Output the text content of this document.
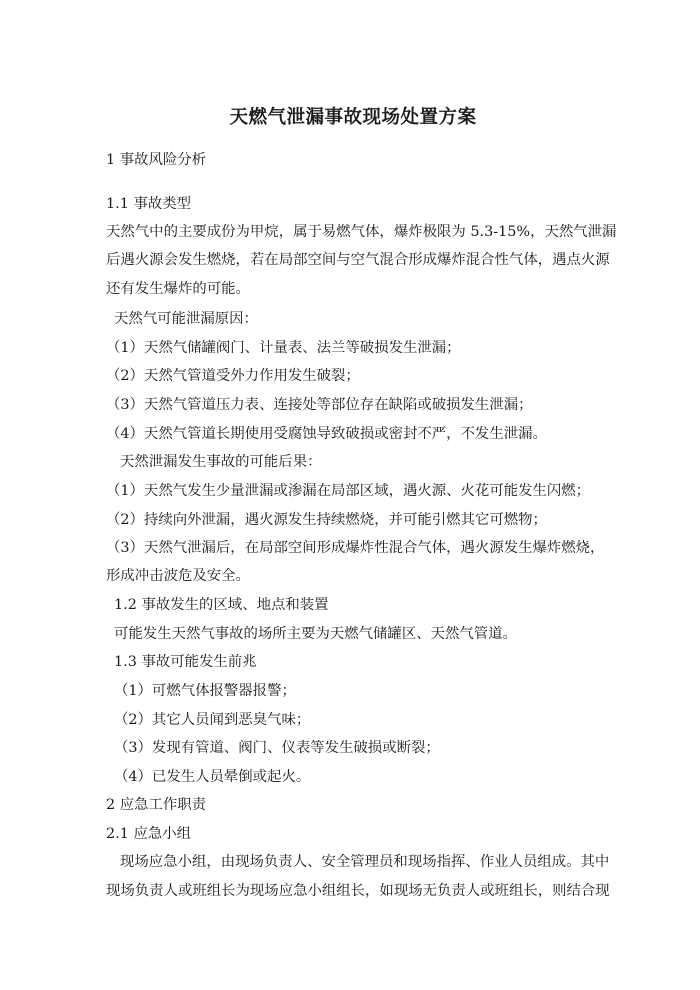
天燃气泄漏事故现场处置方案

1 事故风险分析

1.1 事故类型

天然气中的主要成份为甲烷，属于易燃气体，爆炸极限为 5.3-15%，天然气泄漏

后遇火源会发生燃烧，若在局部空间与空气混合形成爆炸混合性气体，遇点火源

还有发生爆炸的可能。

天然气可能泄漏原因：

（1）天然气储罐阀门、计量表、法兰等破损发生泄漏；

（2）天然气管道受外力作用发生破裂；

（3）天然气管道压力表、连接处等部位存在缺陷或破损发生泄漏；

（4）天然气管道长期使用受腐蚀导致破损或密封不严，不发生泄漏。

天然泄漏发生事故的可能后果：

（1）天然气发生少量泄漏或渗漏在局部区域，遇火源、火花可能发生闪燃；

（2）持续向外泄漏，遇火源发生持续燃烧，并可能引燃其它可燃物；

（3）天然气泄漏后，在局部空间形成爆炸性混合气体，遇火源发生爆炸燃烧，

形成冲击波危及安全。

1.2 事故发生的区域、地点和装置

可能发生天然气事故的场所主要为天燃气储罐区、天然气管道。

1.3 事故可能发生前兆

（1）可燃气体报警器报警；

（2）其它人员闻到恶臭气味；

（3）发现有管道、阀门、仪表等发生破损或断裂；

（4）已发生人员晕倒或起火。

2 应急工作职责

2.1 应急小组

现场应急小组，由现场负责人、安全管理员和现场指挥、作业人员组成。其中

现场负责人或班组长为现场应急小组组长，如现场无负责人或班组长，则结合现
